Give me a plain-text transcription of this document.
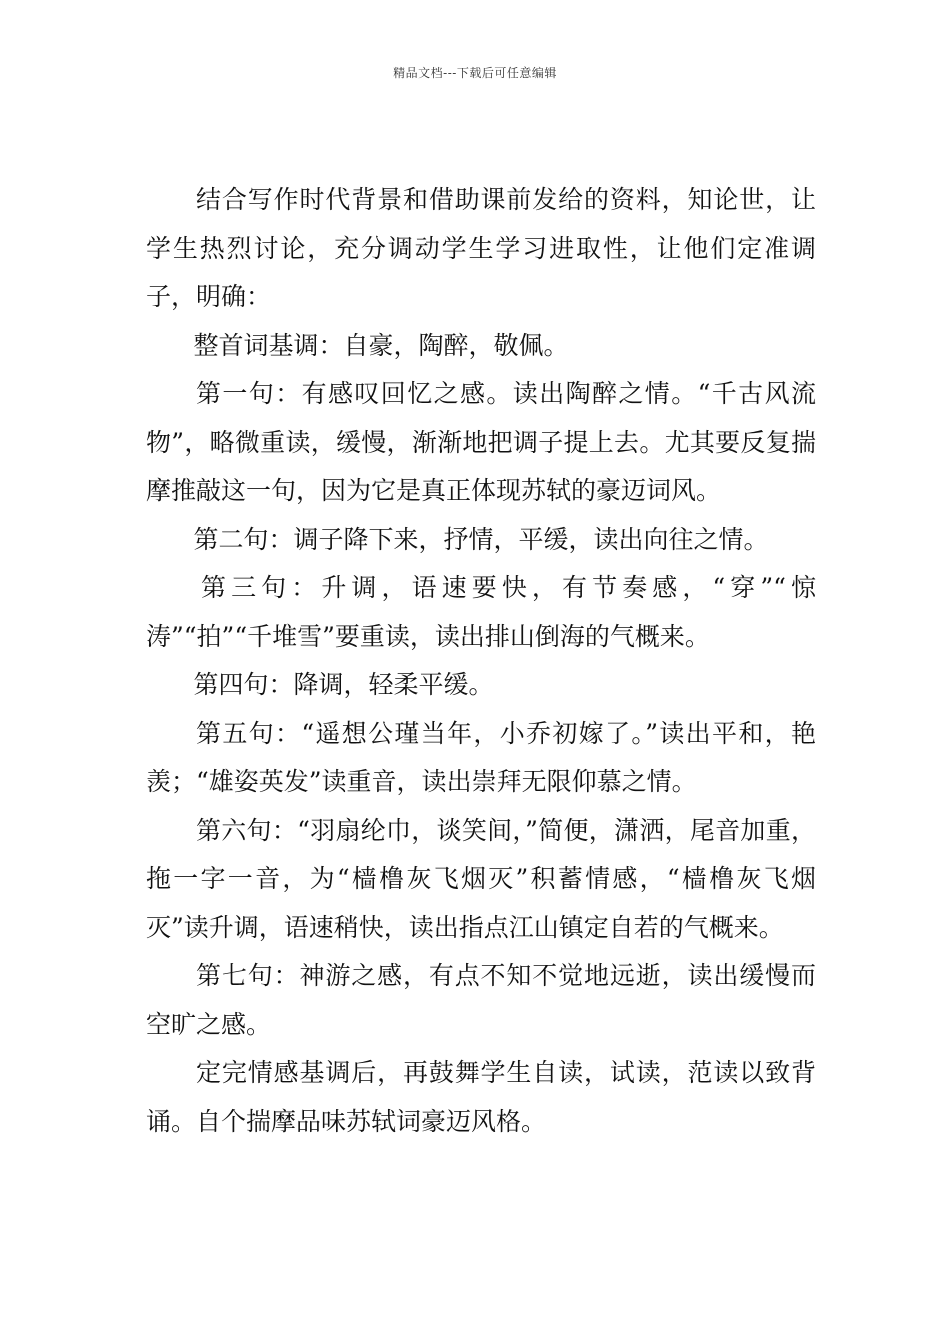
精品文档---下载后可任意编辑

结合写作时代背景和借助课前发给的资料，知论世，让学生热烈讨论，充分调动学生学习进取性，让他们定准调子，明确：

整首词基调：自豪，陶醉，敬佩。

第一句：有感叹回忆之感。读出陶醉之情。“千古风流物”，略微重读，缓慢，渐渐地把调子提上去。尤其要反复揣摩推敲这一句，因为它是真正体现苏轼的豪迈词风。

第二句：调子降下来，抒情，平缓，读出向往之情。

第三句：升调，语速要快，有节奏感，“穿”“惊涛”“拍”“千堆雪”要重读，读出排山倒海的气概来。

第四句：降调，轻柔平缓。

第五句：“遥想公瑾当年，小乔初嫁了。”读出平和，艳羡；“雄姿英发”读重音，读出崇拜无限仰慕之情。

第六句：“羽扇纶巾，谈笑间，”简便，潇洒，尾音加重，拖一字一音，为“樯橹灰飞烟灭”积蓄情感，“樯橹灰飞烟灭”读升调，语速稍快，读出指点江山镇定自若的气概来。

第七句：神游之感，有点不知不觉地远逝，读出缓慢而空旷之感。

定完情感基调后，再鼓舞学生自读，试读，范读以致背诵。自个揣摩品味苏轼词豪迈风格。
